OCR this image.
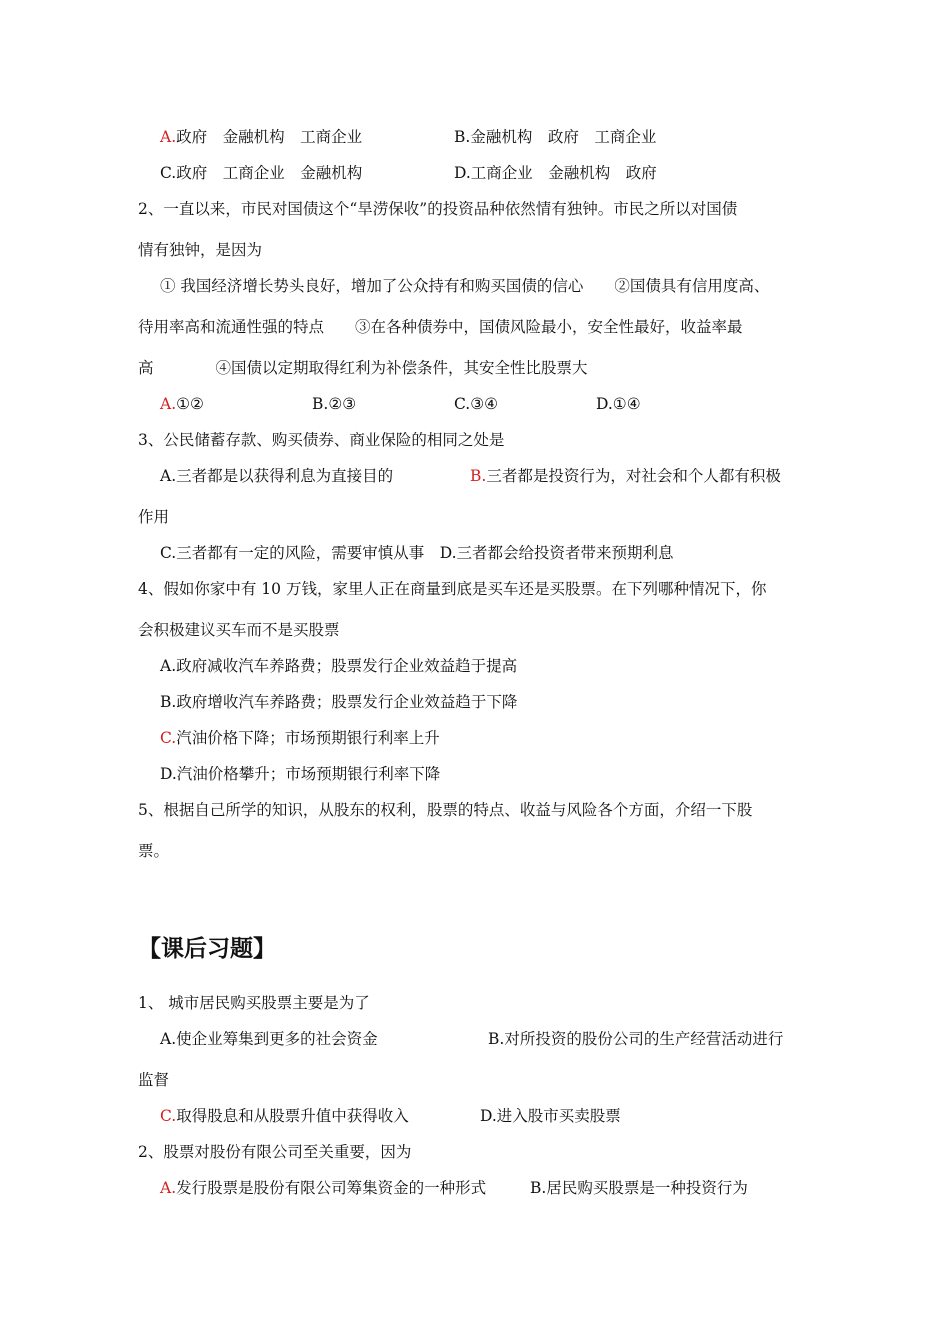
A.政府　金融机构　工商企业	B.金融机构　政府　工商企业
C.政府　工商企业　金融机构	D.工商企业　金融机构　政府
2、一直以来，市民对国债这个“旱涝保收”的投资品种依然情有独钟。市民之所以对国债
情有独钟，是因为
① 我国经济增长势头良好，增加了公众持有和购买国债的信心　　②国债具有信用度高、
待用率高和流通性强的特点　　③在各种债券中，国债风险最小，安全性最好，收益率最
高　　　　④国债以定期取得红利为补偿条件，其安全性比股票大
A.①②	B.②③	C.③④	D.①④
3、公民储蓄存款、购买债券、商业保险的相同之处是
A.三者都是以获得利息为直接目的	B.三者都是投资行为，对社会和个人都有积极
作用
C.三者都有一定的风险，需要审慎从事　D.三者都会给投资者带来预期利息
4、假如你家中有 10 万钱，家里人正在商量到底是买车还是买股票。在下列哪种情况下，你
会积极建议买车而不是买股票
A.政府减收汽车养路费；股票发行企业效益趋于提高
B.政府增收汽车养路费；股票发行企业效益趋于下降
C.汽油价格下降；市场预期银行利率上升
D.汽油价格攀升；市场预期银行利率下降
5、根据自己所学的知识，从股东的权利，股票的特点、收益与风险各个方面，介绍一下股
票。
【课后习题】
1、 城市居民购买股票主要是为了
A.使企业筹集到更多的社会资金	B.对所投资的股份公司的生产经营活动进行
监督
C.取得股息和从股票升值中获得收入	D.进入股市买卖股票
2、股票对股份有限公司至关重要，因为
A.发行股票是股份有限公司筹集资金的一种形式	B.居民购买股票是一种投资行为
